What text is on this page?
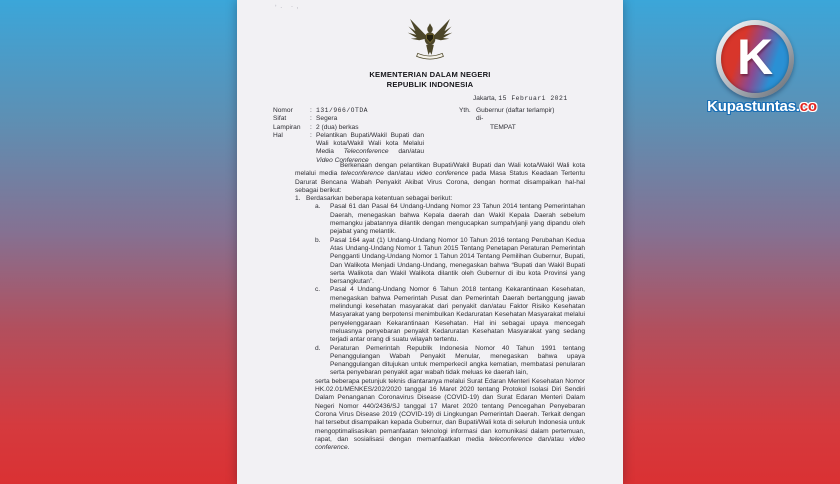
’· ·‚
KEMENTERIAN DALAM NEGERI
REPUBLIK INDONESIA
Jakarta, 15 Februari 2021
Nomor	: 131/966/OTDA
Sifat	: Segera
Lampiran	: 2 (dua) berkas
Hal	: Pelantikan Bupati/Wakil Bupati dan Wali kota/Wakil Wali kota Melalui Media Teleconference dan/atau Video Conference
Yth. Gubernur (daftar terlampir)
di-
TEMPAT
Berkenaan dengan pelantikan Bupati/Wakil Bupati dan Wali kota/Wakil Wali kota melalui media teleconference dan/atau video conference pada Masa Status Keadaan Tertentu Darurat Bencana Wabah Penyakit Akibat Virus Corona, dengan hormat disampaikan hal-hal sebagai berikut:
1. Berdasarkan beberapa ketentuan sebagai berikut:
a.	Pasal 61 dan Pasal 64 Undang-Undang Nomor 23 Tahun 2014 tentang Pemerintahan Daerah, menegaskan bahwa Kepala daerah dan Wakil Kepala Daerah sebelum memangku jabatannya dilantik dengan mengucapkan sumpah/janji yang dipandu oleh pejabat yang melantik.
b.	Pasal 164 ayat (1) Undang-Undang Nomor 10 Tahun 2016 tentang Perubahan Kedua Atas Undang-Undang Nomor 1 Tahun 2015 Tentang Penetapan Peraturan Pemerintah Pengganti Undang-Undang Nomor 1 Tahun 2014 Tentang Pemilihan Gubernur, Bupati, Dan Walikota Menjadi Undang-Undang, menegaskan bahwa “Bupati dan Wakil Bupati serta Walikota dan Wakil Walikota dilantik oleh Gubernur di ibu kota Provinsi yang bersangkutan”.
c.	Pasal 4 Undang-Undang Nomor 6 Tahun 2018 tentang Kekarantinaan Kesehatan, menegaskan bahwa Pemerintah Pusat dan Pemerintah Daerah bertanggung jawab melindungi kesehatan masyarakat dari penyakit dan/atau Faktor Risiko Kesehatan Masyarakat yang berpotensi menimbulkan Kedaruratan Kesehatan Masyarakat melalui penyelenggaraan Kekarantinaan Kesehatan. Hal ini sebagai upaya mencegah meluasnya penyebaran penyakit Kedaruratan Kesehatan Masyarakat yang sedang terjadi antar orang di suatu wilayah tertentu.
d.	Peraturan Pemerintah Republik Indonesia Nomor 40 Tahun 1991 tentang Penanggulangan Wabah Penyakit Menular, menegaskan bahwa upaya Penanggulangan ditujukan untuk memperkecil angka kematian, membatasi penularan serta penyebaran penyakit agar wabah tidak meluas ke daerah lain,
serta beberapa petunjuk teknis diantaranya melalui Surat Edaran Menteri Kesehatan Nomor HK.02.01/MENKES/202/2020 tanggal 16 Maret 2020 tentang Protokol Isolasi Diri Sendiri Dalam Penanganan Coronavirus Disease (COVID-19) dan Surat Edaran Menteri Dalam Negeri Nomor 440/2436/SJ tanggal 17 Maret 2020 tentang Pencegahan Penyebaran Corona Virus Disease 2019 (COVID-19) di Lingkungan Pemerintah Daerah. Terkait dengan hal tersebut disampaikan kepada Gubernur, dan Bupati/Wali kota di seluruh Indonesia untuk mengoptimalisasikan pemanfaatan teknologi informasi dan komunikasi dalam pertemuan, rapat, dan sosialisasi dengan memanfaatkan media teleconference dan/atau video conference.
K
Kupastuntas.co
